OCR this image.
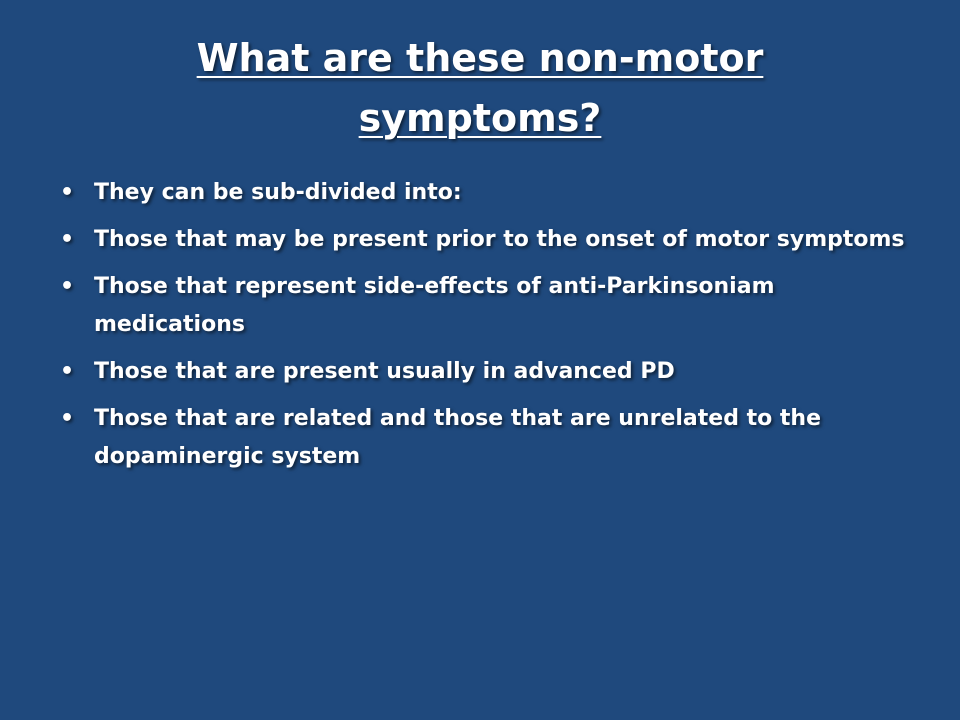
What are these non-motor
symptoms?
• They can be sub-divided into:
• Those that may be present prior to the onset of motor symptoms
• Those that represent side-effects of anti-Parkinsoniam medications
• Those that are present usually in advanced PD
• Those that are related and those that are unrelated to the dopaminergic system
